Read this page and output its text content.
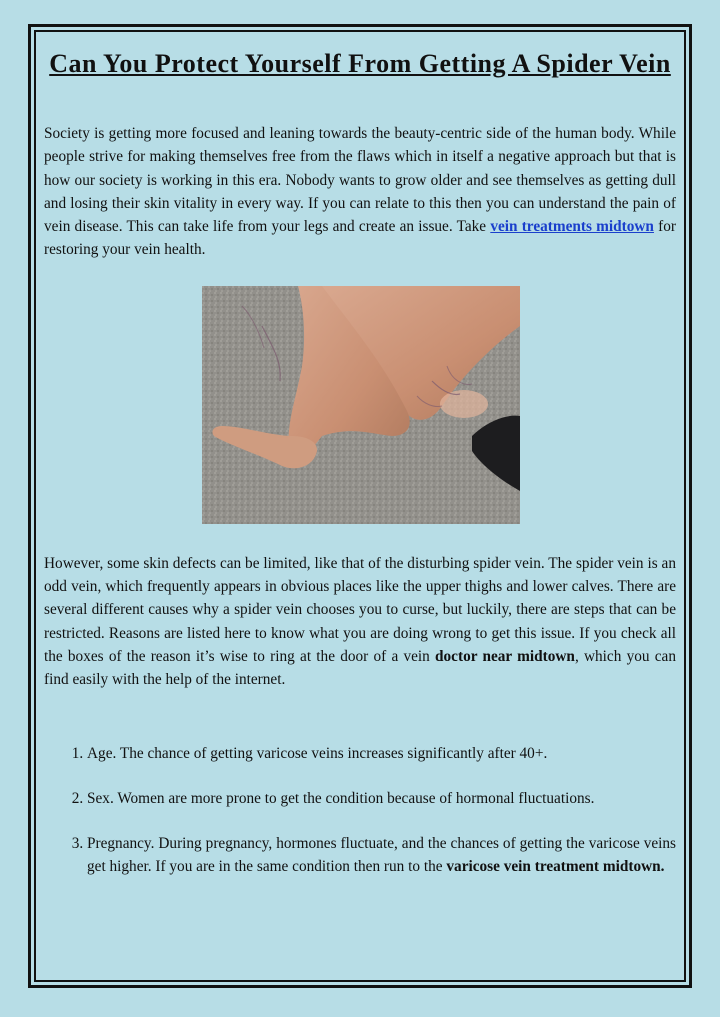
Can You Protect Yourself From Getting A Spider Vein

Society is getting more focused and leaning towards the beauty-centric side of the human body. While people strive for making themselves free from the flaws which in itself a negative approach but that is how our society is working in this era. Nobody wants to grow older and see themselves as getting dull and losing their skin vitality in every way. If you can relate to this then you can understand the pain of vein disease. This can take life from your legs and create an issue. Take vein treatments midtown for restoring your vein health.

However, some skin defects can be limited, like that of the disturbing spider vein. The spider vein is an odd vein, which frequently appears in obvious places like the upper thighs and lower calves. There are several different causes why a spider vein chooses you to curse, but luckily, there are steps that can be restricted. Reasons are listed here to know what you are doing wrong to get this issue. If you check all the boxes of the reason it’s wise to ring at the door of a vein doctor near midtown, which you can find easily with the help of the internet.

1. Age. The chance of getting varicose veins increases significantly after 40+.
2. Sex. Women are more prone to get the condition because of hormonal fluctuations.
3. Pregnancy. During pregnancy, hormones fluctuate, and the chances of getting the varicose veins get higher. If you are in the same condition then run to the varicose vein treatment midtown.
